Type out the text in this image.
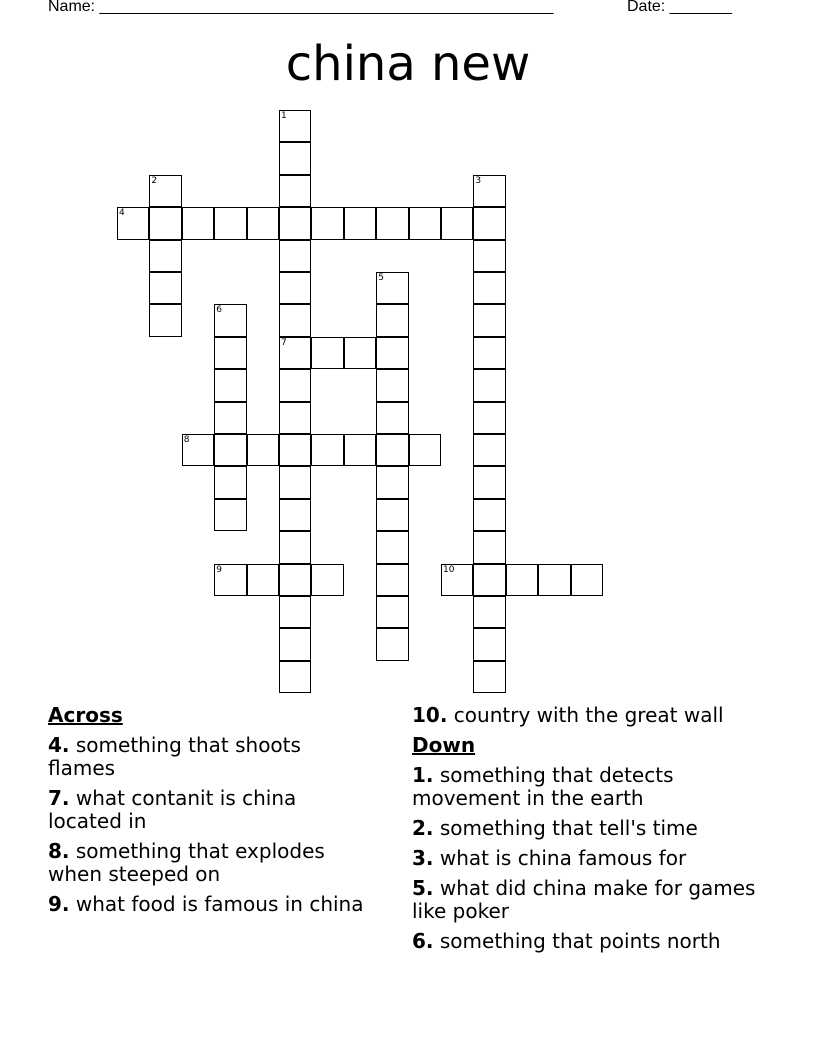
Name: ___________________________________________________	Date: _______
china new
1
7
2	3
4
5
6
8
9	10
Across
4. something that shoots flames
7. what contanit is china located in
8. something that explodes when steeped on
9. what food is famous in china
10. country with the great wall
Down
1. something that detects movement in the earth
2. something that tell's time
3. what is china famous for
5. what did china make for games like poker
6. something that points north
